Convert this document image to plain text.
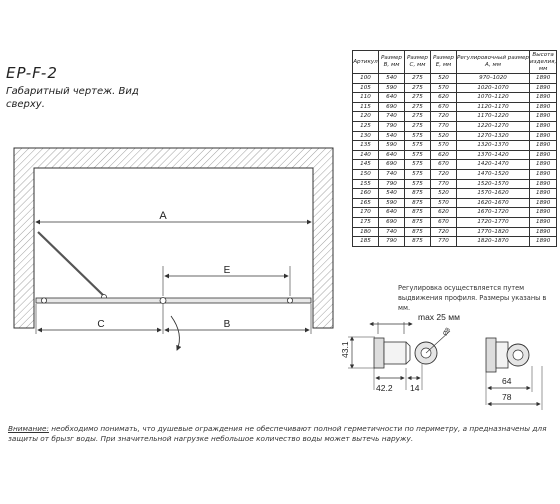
EP-F-2
Габаритный чертеж. Вид сверху.
A
E
C	B
max 25 мм
43.1
Ø8
42.2 14
64
78
Артикул	Размер B, мм	Размер C, мм	Размер E, мм	Регулировочный размер A, мм	Высота изделия, мм
100	540	275	520	970–1020	1890
105	590	275	570	1020–1070	1890
110	640	275	620	1070–1120	1890
115	690	275	670	1120–1170	1890
120	740	275	720	1170–1220	1890
125	790	275	770	1220–1270	1890
130	540	575	520	1270–1320	1890
135	590	575	570	1320–1370	1890
140	640	575	620	1370–1420	1890
145	690	575	670	1420–1470	1890
150	740	575	720	1470–1520	1890
155	790	575	770	1520–1570	1890
160	540	875	520	1570–1620	1890
165	590	875	570	1620–1670	1890
170	640	875	620	1670–1720	1890
175	690	875	670	1720–1770	1890
180	740	875	720	1770–1820	1890
185	790	875	770	1820–1870	1890
Регулировка осуществляется путем выдвижения профиля. Размеры указаны в мм.
Внимание: необходимо понимать, что душевые ограждения не обеспечивают полной герметичности по периметру, а предназначены для защиты от брызг воды. При значительной нагрузке небольшое количество воды может вытечь наружу.
